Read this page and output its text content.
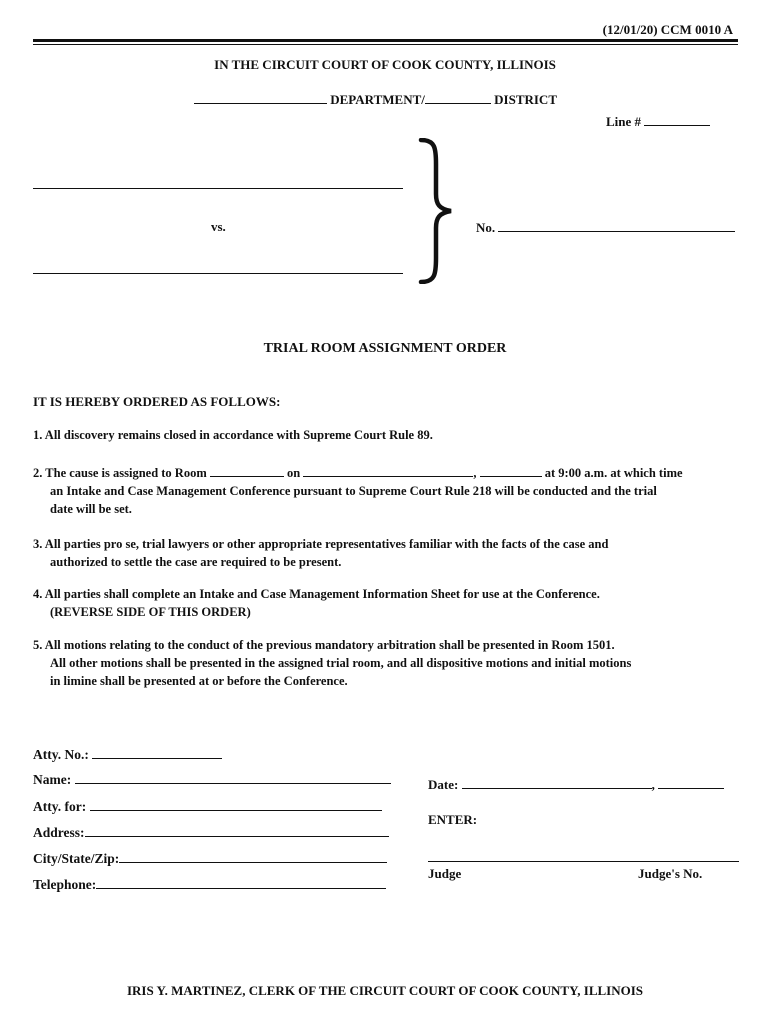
(12/01/20) CCM 0010 A
IN THE CIRCUIT COURT OF COOK COUNTY, ILLINOIS
DEPARTMENT/	DISTRICT
Line #
vs.	No.
TRIAL ROOM ASSIGNMENT ORDER
IT IS HEREBY ORDERED AS FOLLOWS:
1. All discovery remains closed in accordance with Supreme Court Rule 89.
2. The cause is assigned to Room	on	,	at 9:00 a.m. at which time
an Intake and Case Management Conference pursuant to Supreme Court Rule 218 will be conducted and the trial
date will be set.
3. All parties pro se, trial lawyers or other appropriate representatives familiar with the facts of the case and
authorized to settle the case are required to be present.
4. All parties shall complete an Intake and Case Management Information Sheet for use at the Conference.
(REVERSE SIDE OF THIS ORDER)
5. All motions relating to the conduct of the previous mandatory arbitration shall be presented in Room 1501.
All other motions shall be presented in the assigned trial room, and all dispositive motions and initial motions
in limine shall be presented at or before the Conference.
Atty. No.:
Name:
Atty. for:
Address:
City/State/Zip:
Telephone:
Date:	,
ENTER:
Judge	Judge's No.
IRIS Y. MARTINEZ, CLERK OF THE CIRCUIT COURT OF COOK COUNTY, ILLINOIS
